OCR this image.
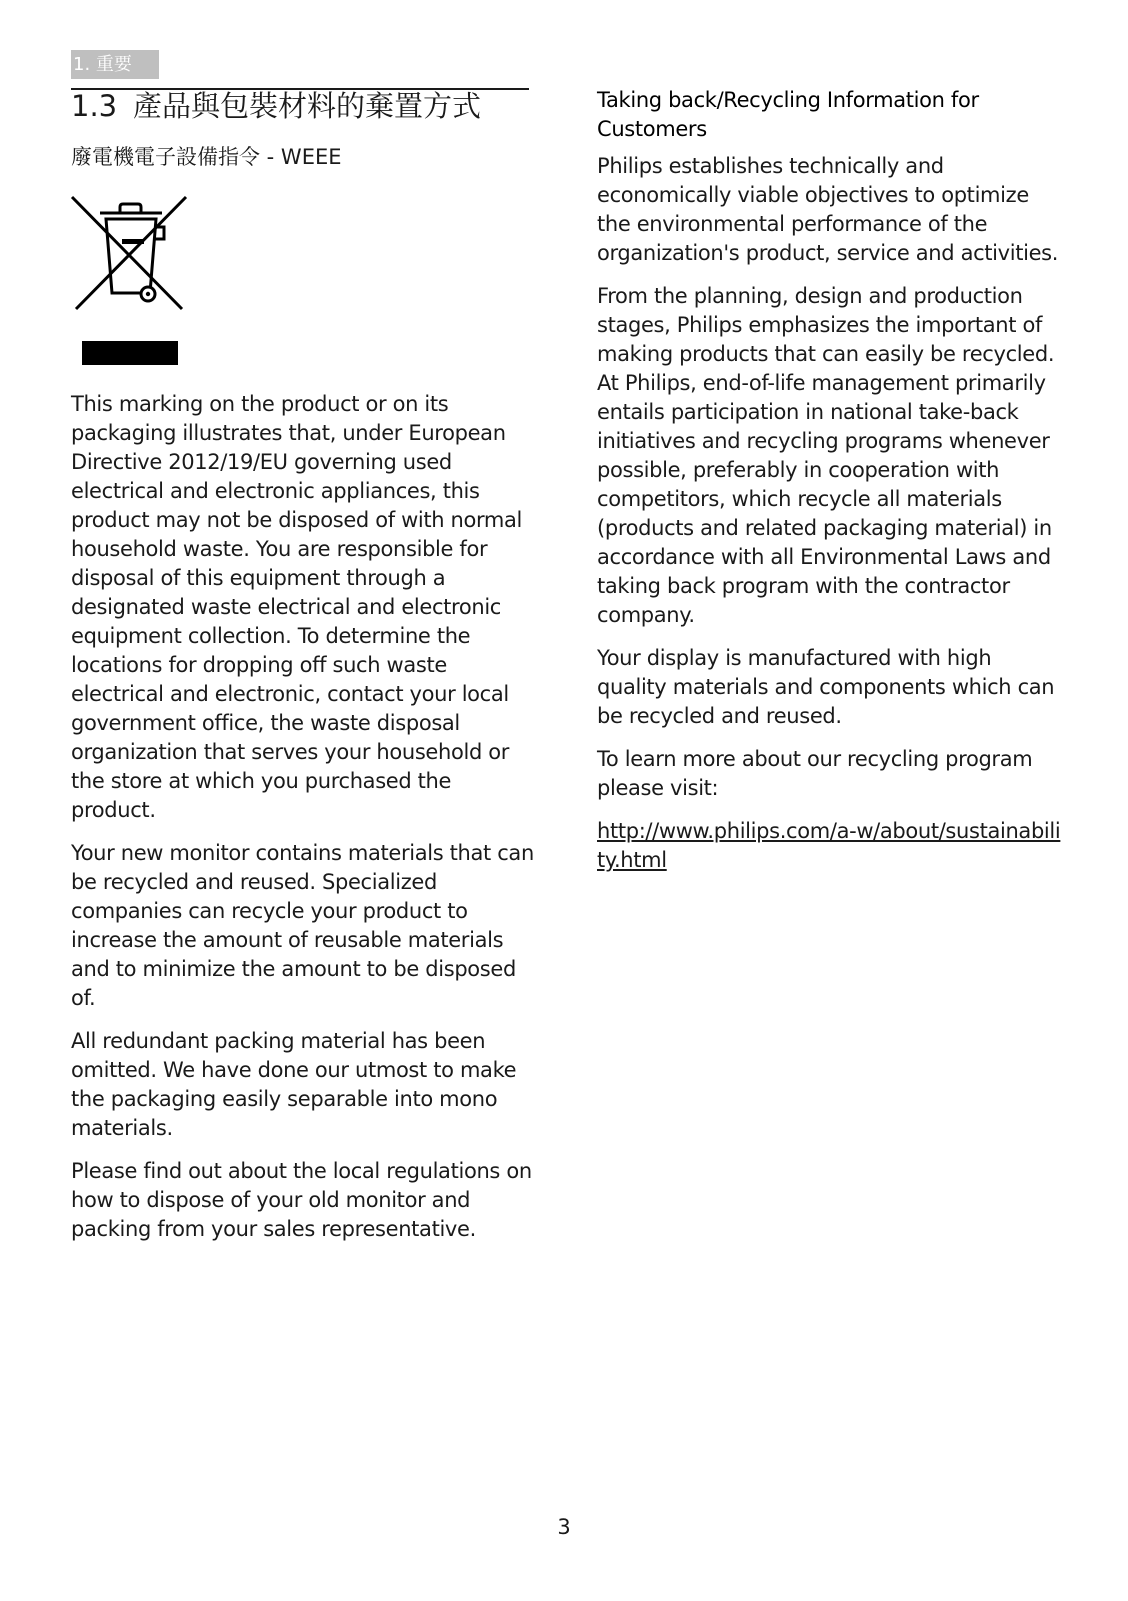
1. 重要
1.3 產品與包裝材料的棄置方式
廢電機電子設備指令 - WEEE

This marking on the product or on its packaging illustrates that, under European Directive 2012/19/EU governing used electrical and electronic appliances, this product may not be disposed of with normal household waste. You are responsible for disposal of this equipment through a designated waste electrical and electronic equipment collection. To determine the locations for dropping off such waste electrical and electronic, contact your local government office, the waste disposal organization that serves your household or the store at which you purchased the product.

Your new monitor contains materials that can be recycled and reused. Specialized companies can recycle your product to increase the amount of reusable materials and to minimize the amount to be disposed of.

All redundant packing material has been omitted. We have done our utmost to make the packaging easily separable into mono materials.

Please find out about the local regulations on how to dispose of your old monitor and packing from your sales representative.

Taking back/Recycling Information for Customers

Philips establishes technically and economically viable objectives to optimize the environmental performance of the organization's product, service and activities.

From the planning, design and production stages, Philips emphasizes the important of making products that can easily be recycled. At Philips, end-of-life management primarily entails participation in national take-back initiatives and recycling programs whenever possible, preferably in cooperation with competitors, which recycle all materials (products and related packaging material) in accordance with all Environmental Laws and taking back program with the contractor company.

Your display is manufactured with high quality materials and components which can be recycled and reused.

To learn more about our recycling program please visit:

http://www.philips.com/a-w/about/sustainability.html

3
